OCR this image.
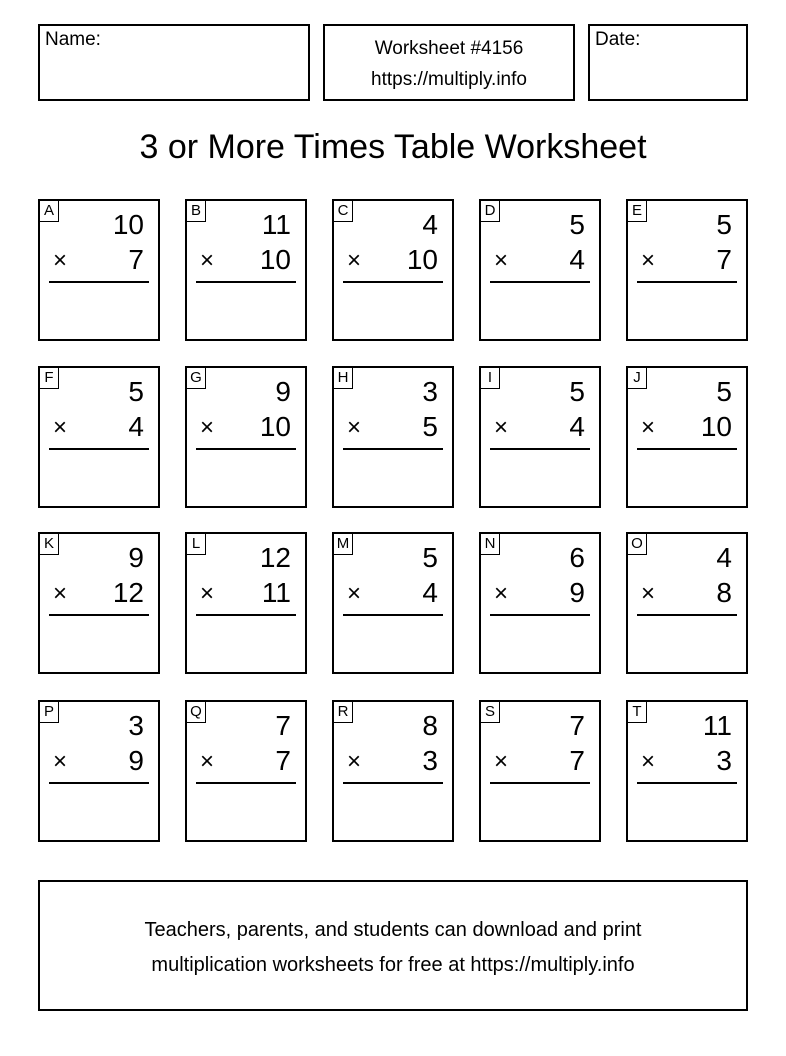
Name:	Worksheet #4156
https://multiply.info
Date:
3 or More Times Table Worksheet
A 10
× 7
B 11
× 10
C	4
× 10
D	5
× 4
E	5
× 7
F	5
× 4
G	9
× 10
H	3
× 5
I	5
× 4
J	5
× 10
K	9
× 12
L 12
× 11
M	5
× 4
N	6
× 9
O	4
× 8
P	3
× 9
Q	7
× 7
R	8
× 3
S	7
× 7
T 11
× 3
Teachers, parents, and students can download and print
multiplication worksheets for free at https://multiply.info
